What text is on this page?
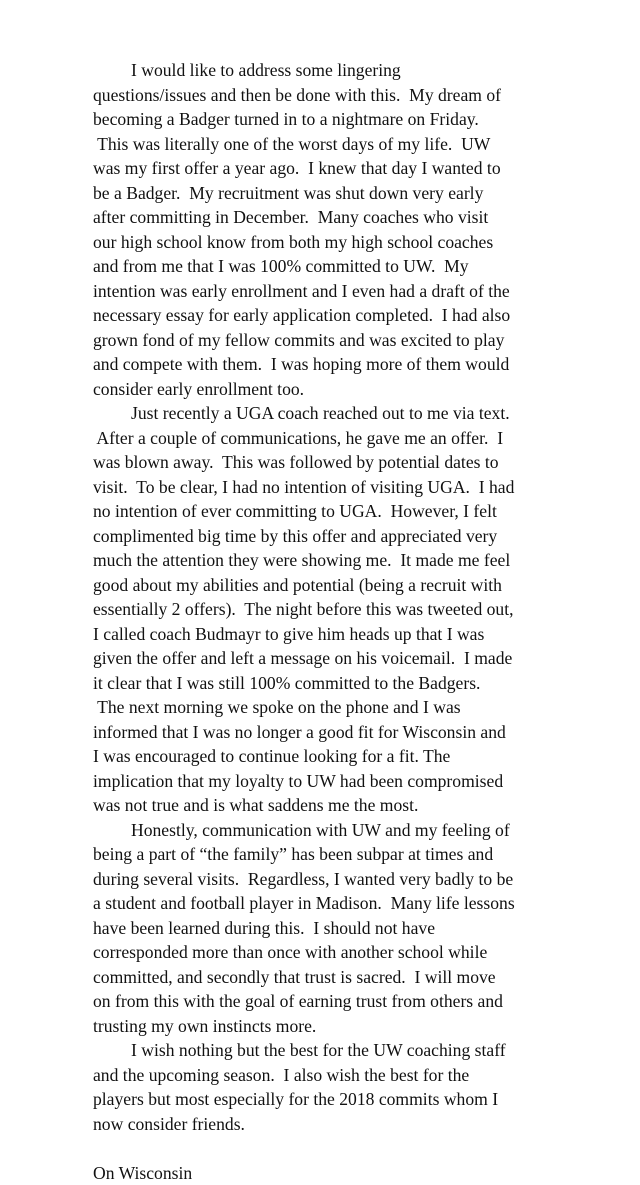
I would like to address some lingering
questions/issues and then be done with this.  My dream of
becoming a Badger turned in to a nightmare on Friday.
This was literally one of the worst days of my life.  UW
was my first offer a year ago.  I knew that day I wanted to
be a Badger.  My recruitment was shut down very early
after committing in December.  Many coaches who visit
our high school know from both my high school coaches
and from me that I was 100% committed to UW.  My
intention was early enrollment and I even had a draft of the
necessary essay for early application completed.  I had also
grown fond of my fellow commits and was excited to play
and compete with them.  I was hoping more of them would
consider early enrollment too.
Just recently a UGA coach reached out to me via text.
After a couple of communications, he gave me an offer.  I
was blown away.  This was followed by potential dates to
visit.  To be clear, I had no intention of visiting UGA.  I had
no intention of ever committing to UGA.  However, I felt
complimented big time by this offer and appreciated very
much the attention they were showing me.  It made me feel
good about my abilities and potential (being a recruit with
essentially 2 offers).  The night before this was tweeted out,
I called coach Budmayr to give him heads up that I was
given the offer and left a message on his voicemail.  I made
it clear that I was still 100% committed to the Badgers.
The next morning we spoke on the phone and I was
informed that I was no longer a good fit for Wisconsin and
I was encouraged to continue looking for a fit. The
implication that my loyalty to UW had been compromised
was not true and is what saddens me the most.
Honestly, communication with UW and my feeling of
being a part of “the family” has been subpar at times and
during several visits.  Regardless, I wanted very badly to be
a student and football player in Madison.  Many life lessons
have been learned during this.  I should not have
corresponded more than once with another school while
committed, and secondly that trust is sacred.  I will move
on from this with the goal of earning trust from others and
trusting my own instincts more.
I wish nothing but the best for the UW coaching staff
and the upcoming season.  I also wish the best for the
players but most especially for the 2018 commits whom I
now consider friends.
On Wisconsin
